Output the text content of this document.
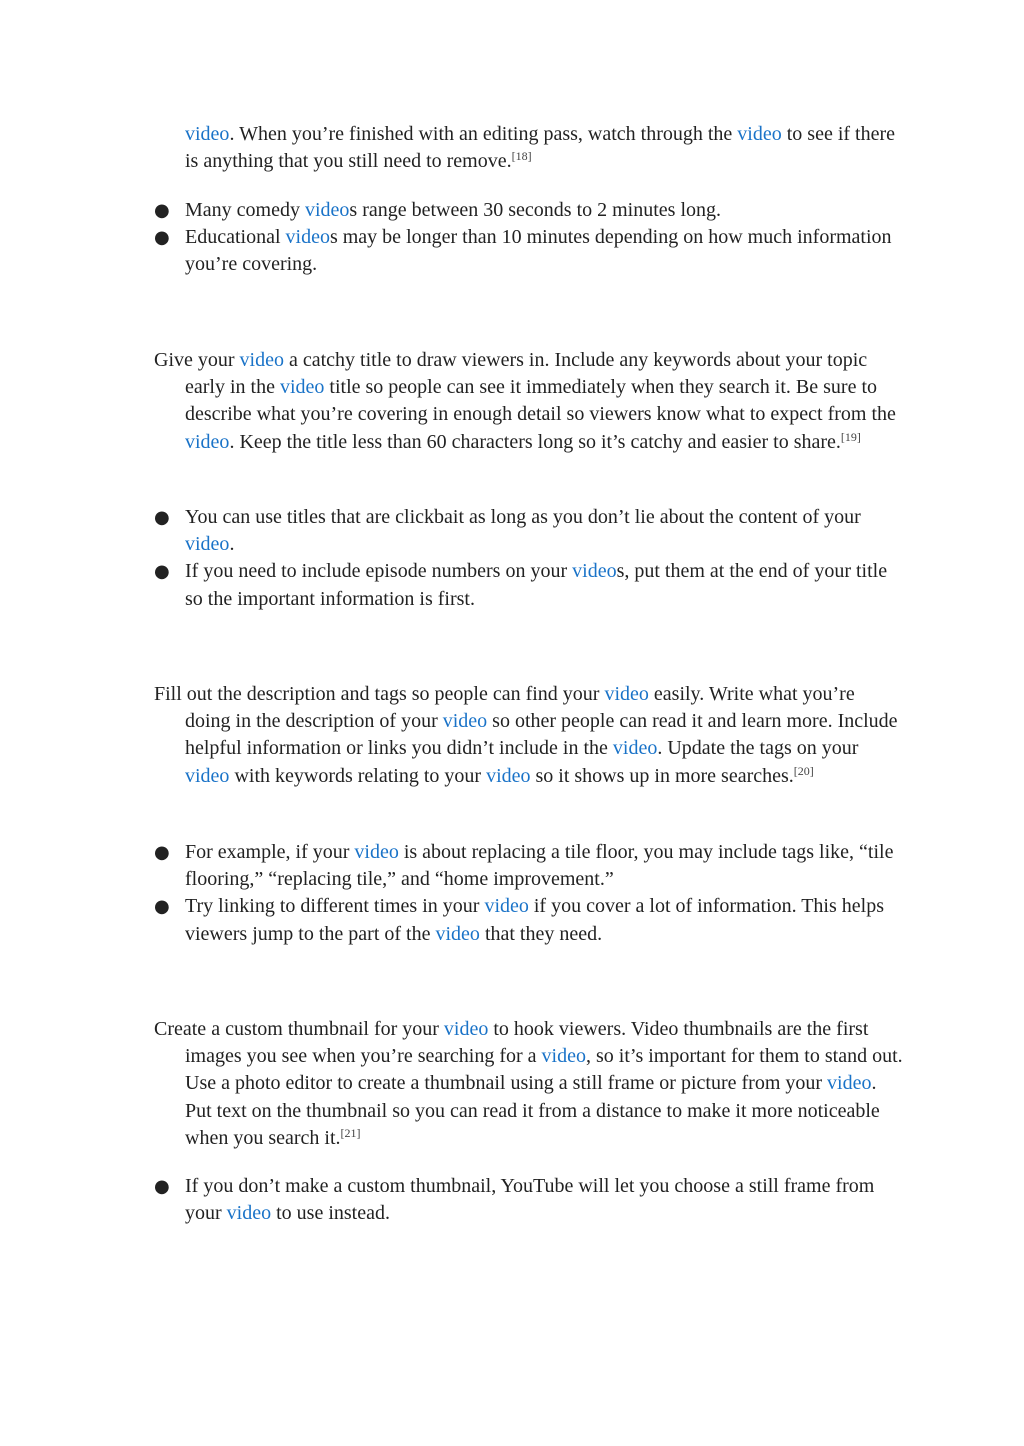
video. When you’re finished with an editing pass, watch through the video to see if there is anything that you still need to remove.[18]

● Many comedy videos range between 30 seconds to 2 minutes long.
● Educational videos may be longer than 10 minutes depending on how much information you’re covering.

Give your video a catchy title to draw viewers in. Include any keywords about your topic early in the video title so people can see it immediately when they search it. Be sure to describe what you’re covering in enough detail so viewers know what to expect from the video. Keep the title less than 60 characters long so it’s catchy and easier to share.[19]

● You can use titles that are clickbait as long as you don’t lie about the content of your video.
● If you need to include episode numbers on your videos, put them at the end of your title so the important information is first.

Fill out the description and tags so people can find your video easily. Write what you’re doing in the description of your video so other people can read it and learn more. Include helpful information or links you didn’t include in the video. Update the tags on your video with keywords relating to your video so it shows up in more searches.[20]

● For example, if your video is about replacing a tile floor, you may include tags like, “tile flooring,” “replacing tile,” and “home improvement.”
● Try linking to different times in your video if you cover a lot of information. This helps viewers jump to the part of the video that they need.

Create a custom thumbnail for your video to hook viewers. Video thumbnails are the first images you see when you’re searching for a video, so it’s important for them to stand out. Use a photo editor to create a thumbnail using a still frame or picture from your video. Put text on the thumbnail so you can read it from a distance to make it more noticeable when you search it.[21]

● If you don’t make a custom thumbnail, YouTube will let you choose a still frame from your video to use instead.
